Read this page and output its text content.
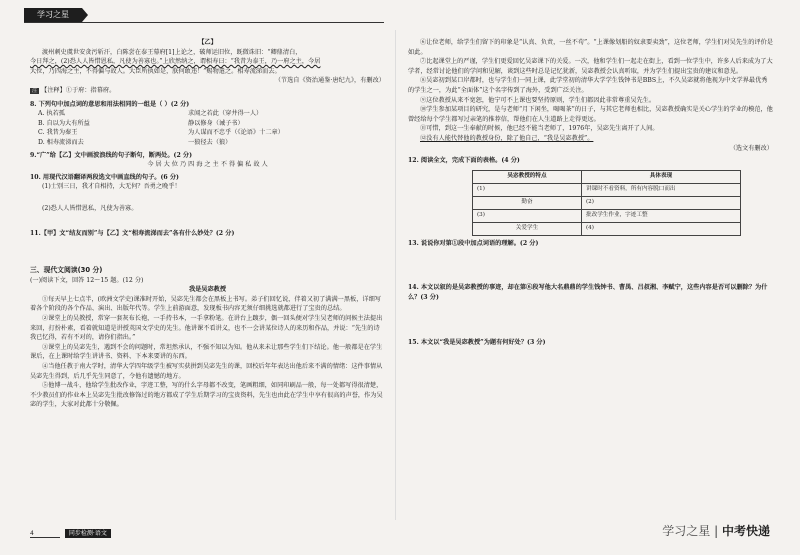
学习之星

【乙】

渡州刺史虞世安贪污斩汗，白陈尝在泰王幕府[1]上论之，破师运旧位，既微诛旧：“卿鼎清白，

今日拜之，(2)恐人人皆惜恩私，凡使为善寡也。”上欣然纳之，谓相寿曰：“我昔为泰王，乃一府之主，今居

大位，乃四海之主，不得偏与故人。大臣所执如是，朕何敢违！”赐物遣之。相寿流涕而去。

（节选自《资治通鉴·唐纪九》，有删改）

注 【注释】①于府：指幕府。

8. 下列句中加点词的意思和用法相同的一组是（ ）(2 分)

A. 执若孤	求闻之若此（穿井得一人）
B. 自以为大有所益	静以修身（诫子书）
C. 我昔为秦王	为人谋而不忠乎（《论语》十二章）
D. 相寿流涕而去	一狼径去（狼）

9.“广”给【乙】文中画波浪线的句子断句，断两处。(2 分)

今 居 大 位 乃 四 海 之 主 不 得 偏 私 故 人

10. 用现代汉语翻译两段选文中画直线的句子。(6 分)

(1)士别三日，我才自相持，大无何？吾勇之晚乎！

(2)恐人人皆惜恩私，凡使为善寡。

11.【甲】文“结友而别”与【乙】文“相寿流涕而去”各有什么妙处？(2 分)

三、现代文阅读(30 分)

(一)阅读下文，回答 12～15 题。(12 分)

我是吴宓教授

①每天早上七点半，(欧洲文学史)课准时开始，吴宓先生都会在黑板上书写。弟子们回忆说，伴着又初了满满一黑板，详细写着各个阶段的各个作品、演出、出版年代等。学生上前游面意，发现板书内容无须仔细挑选就都进行了宝贵的总结。

②课堂上的吴教授，常穿一套灰布长袍，一手持书本，一手拿粉笔。在讲台上踱步，偶一回头便对学生吴老师的问候主法提出来回，打扮朴素，看着就知道是讲授英国文学史的先生。他讲课不看讲义，也不一会讲某位诗人的来历和作品，并说：“先生的诗我已忆得，若有不对的，请你们指出。”

③课堂上的吴宓先生，遇到不会的问题时，常坦然承认，不强不知以为知。他从来未让那些学生们下结论。他一般都是在学生课后，在上课时给学生讲讲书、资料、下本来要讲的东西。

④当他任教于南大学时，清华大学四年级学生被写实获拼到吴宓先生的课，回校后年年表达出他后来不满的情绪：这件事情从吴宓先生得到，后几乎先生同意了，令他有遗憾的地方。

⑤他博一战斗，他给学生批改作业，字迹工整，写的什么字母都不改变，笔画粗细，如同印刷品一般，每一处都写得很清楚，不少教员们的作业本上吴宓先生批改修饰过的地方都成了学生后期学习的宝贵资料，先生也由此在学生中享有很高的声誉，作为吴宓的学生，大家对此都十分敬佩。

⑥让位老师，给学生们留下的印象是“认真、负责，一丝不苟”。“上课像划船的奴隶要卖劲”，这位老师，学生们对吴先生的评价是如此。

⑦比起课堂上的严谨，学生们更爱回忆吴宓课下的关爱。一次，他和学生们一起走在街上，看到一位学生中，许多人后来成为了大学者，经常讨论他们的学问和见解，谈到这些时总是记忆犹新，吴宓教授会认真听取，并为学生们提出宝贵的建议和意见。

⑧吴宓初到某口岸都时，也与学生们一同上课，此学堂初的清华大学学生钱钟书是BBS上，不久吴宓就将他视为中文学界最优秀的学生之一，为此“全面体”这个名字传到了海外，受到广泛关注。

⑨这位教授从来不宽恕，他宁可不上课也要坚持原则，学生们都因此非常尊重吴先生。

⑩学生参加某项目的研究，是与老师“月下闲坐，喝喝茶”的日子，与其它老师也相比，吴宓教授确实是关心学生的学业的模范，他曾经给每个学生都写过亲笔的推荐信，帮他们在人生道路上走得更远。

⑪可惜，到这一生奉献的时候，他已经不能当老师了，1976年，吴宓先生离开了人间。

⑫没有人能代替他的教授身份，除了他自己，“我是吴宓教授”。

（选文有删改）

12. 阅读全文，完成下面的表格。(4 分)

吴宓教授的特点	具体表现
(1)	讲课时不看资料，所有内容脱口而出
勤奋	(2)
(3)	批改学生作业，字迹工整
关爱学生	(4)

13. 说说你对第①段中加点词语的理解。(2 分)

14. 本文以叙的是吴宓教授的事迹，却在第⑥段写他大名鼎鼎的学生钱钟书、曹禺、吕叔湘、李赋宁，这些内容是否可以删除？为什么？(3 分)

15. 本文以“我是吴宓教授”为题有何好处？(3 分)

4	同步检测·语文	学习之星 | 中考快递
